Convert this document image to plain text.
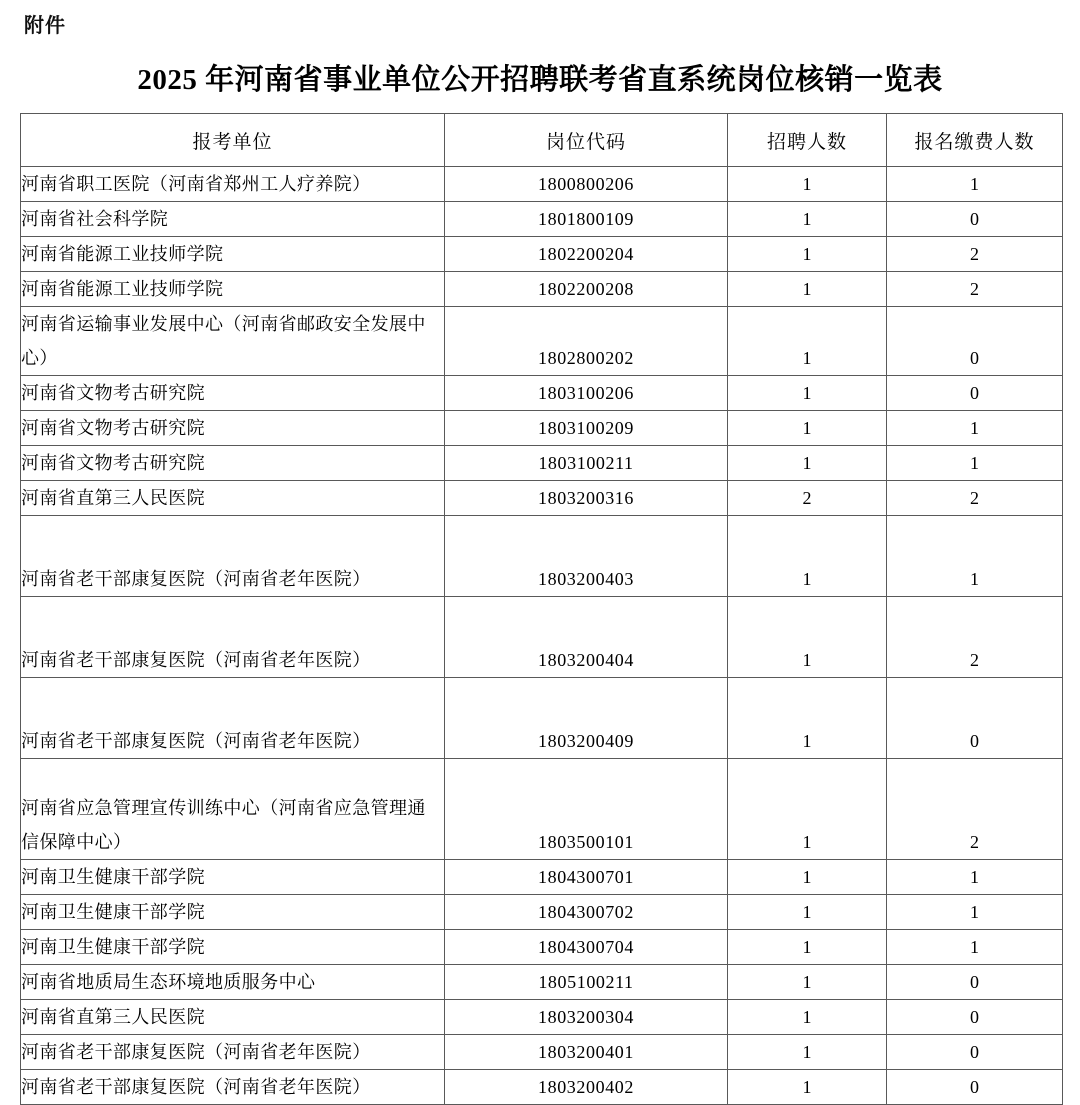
附件
2025 年河南省事业单位公开招聘联考省直系统岗位核销一览表
报考单位	岗位代码	招聘人数	报名缴费人数
河南省职工医院（河南省郑州工人疗养院）	1800800206	1	1
河南省社会科学院	1801800109	1	0
河南省能源工业技师学院	1802200204	1	2
河南省能源工业技师学院	1802200208	1	2
河南省运输事业发展中心（河南省邮政安全发展中心）	1802800202	1	0
河南省文物考古研究院	1803100206	1	0
河南省文物考古研究院	1803100209	1	1
河南省文物考古研究院	1803100211	1	1
河南省直第三人民医院	1803200316	2	2
河南省老干部康复医院（河南省老年医院）	1803200403	1	1
河南省老干部康复医院（河南省老年医院）	1803200404	1	2
河南省老干部康复医院（河南省老年医院）	1803200409	1	0
河南省应急管理宣传训练中心（河南省应急管理通信保障中心）	1803500101	1	2
河南卫生健康干部学院	1804300701	1	1
河南卫生健康干部学院	1804300702	1	1
河南卫生健康干部学院	1804300704	1	1
河南省地质局生态环境地质服务中心	1805100211	1	0
河南省直第三人民医院	1803200304	1	0
河南省老干部康复医院（河南省老年医院）	1803200401	1	0
河南省老干部康复医院（河南省老年医院）	1803200402	1	0
